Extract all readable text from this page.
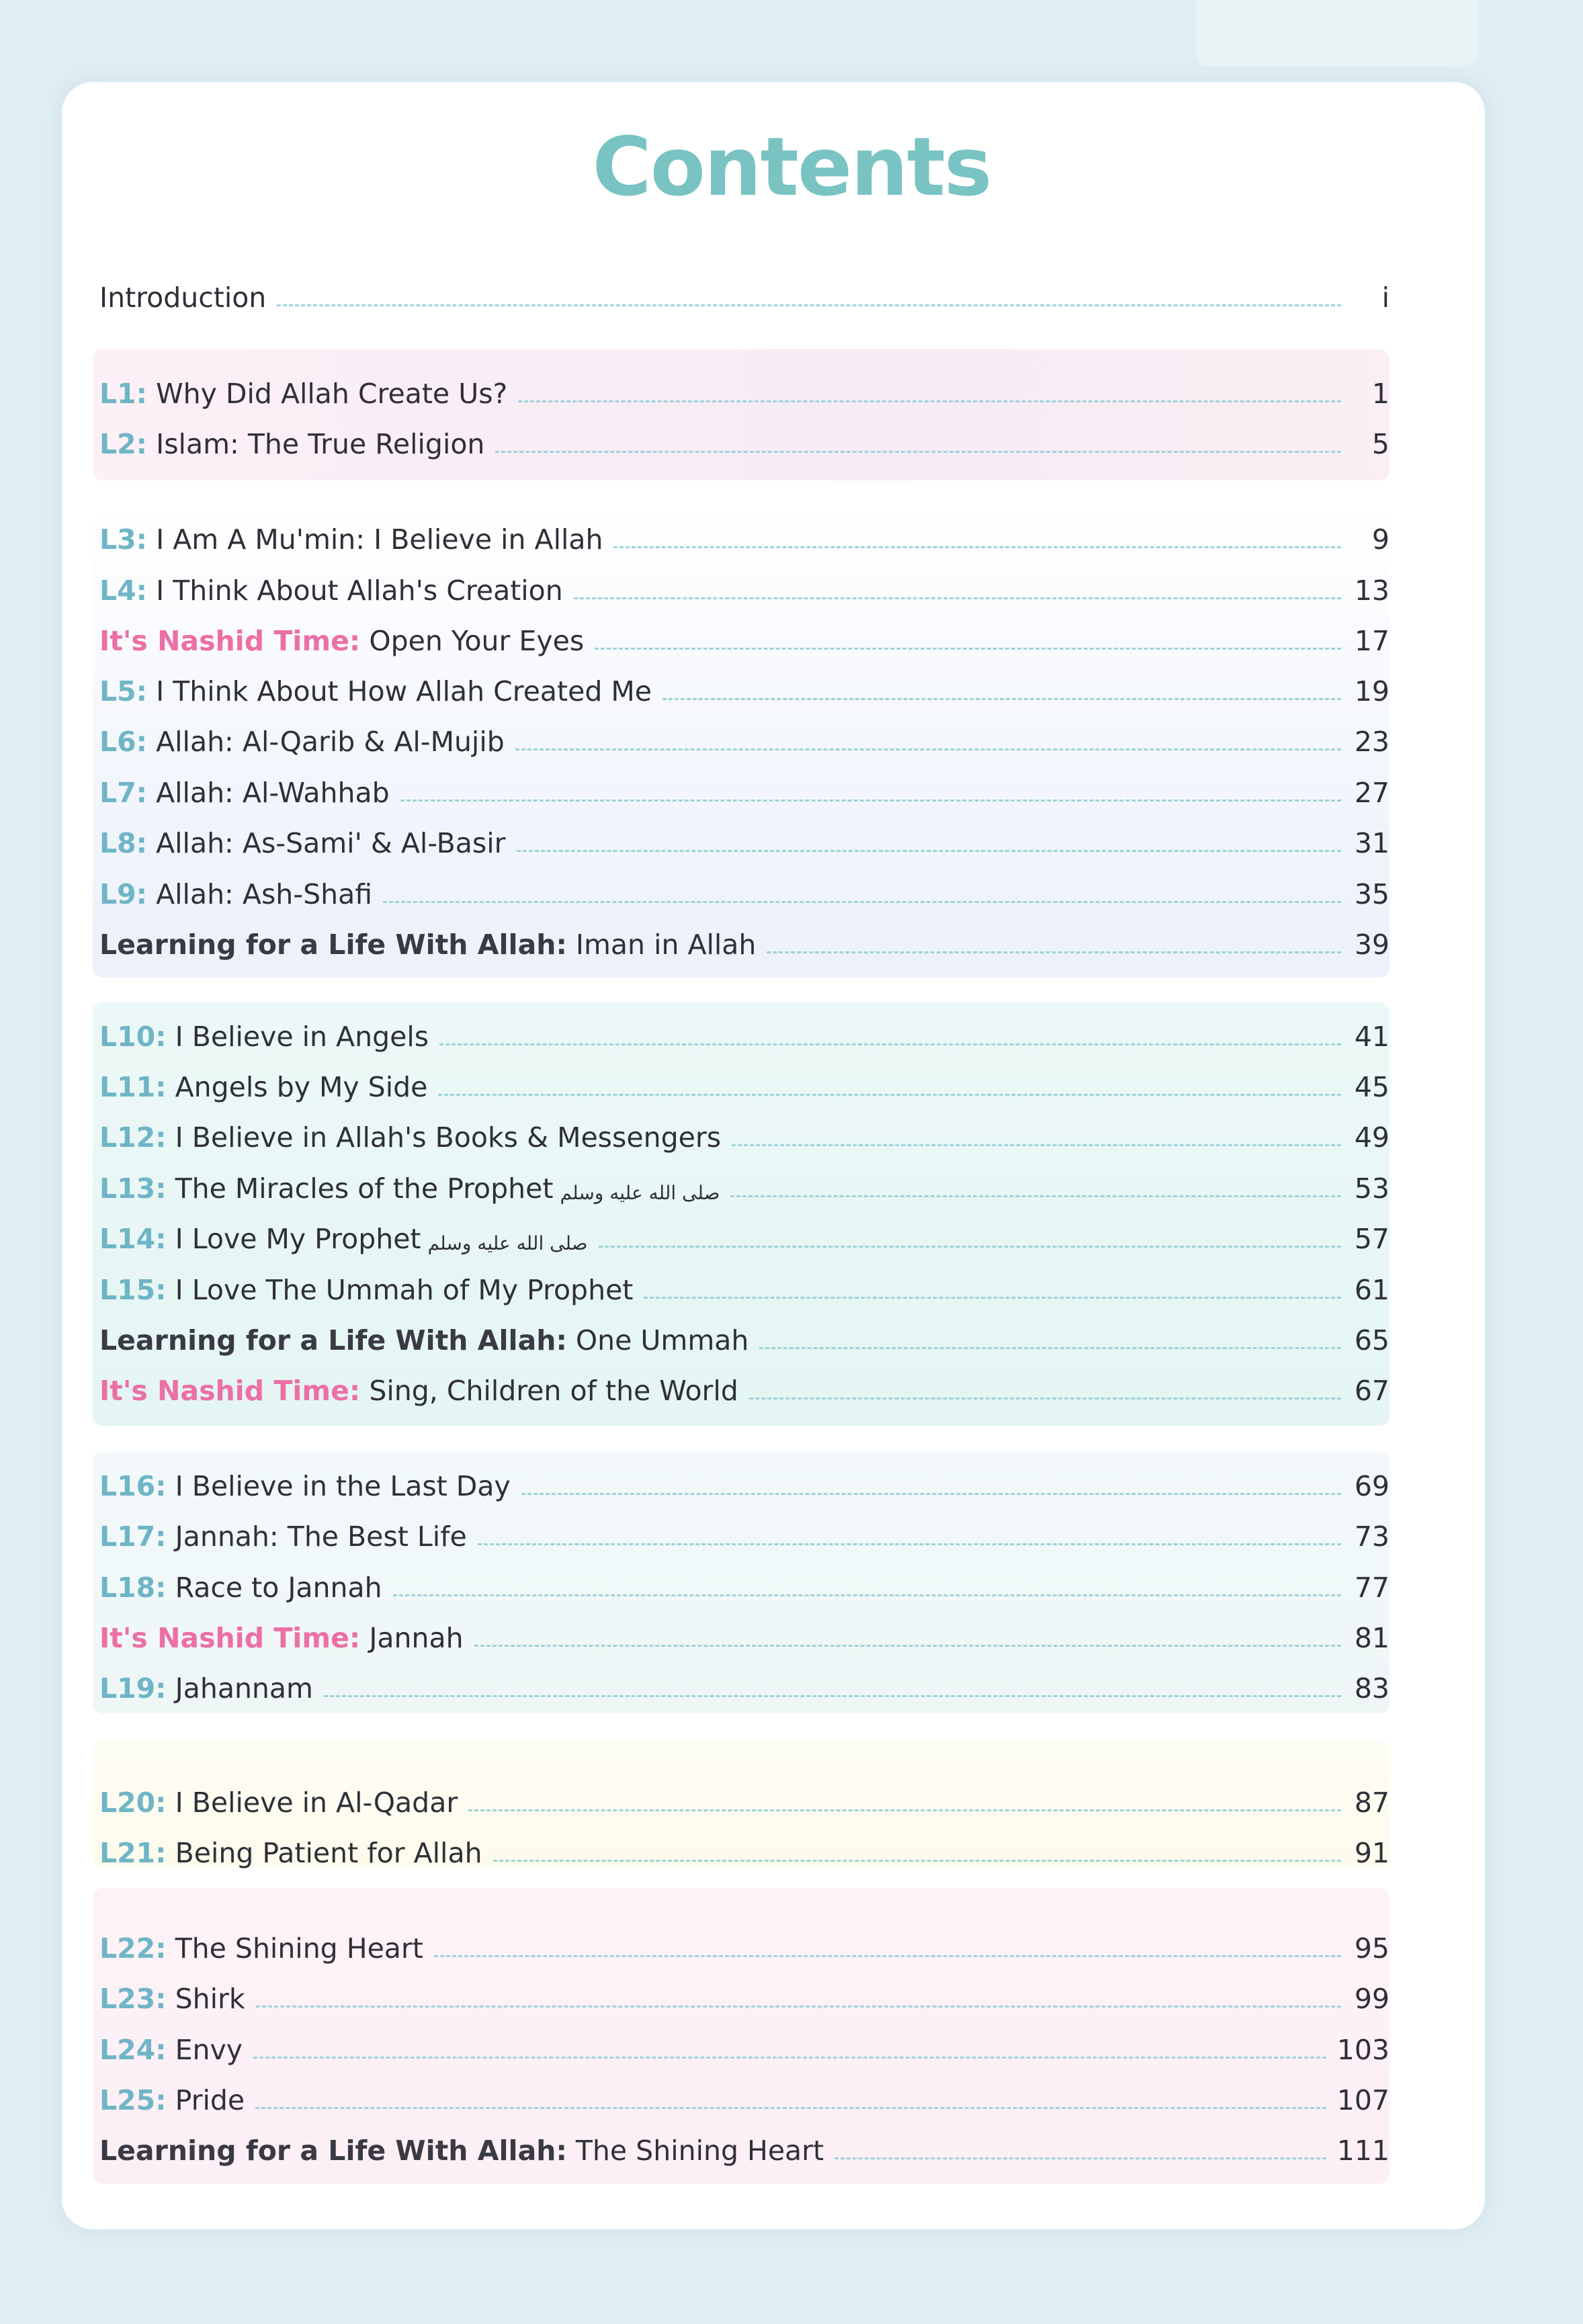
Contents
Introduction	i
L1:
Why Did Allah Create Us?	1
L2:
Islam: The True Religion	5
L3:
I Am A Mu'min: I Believe in Allah	9
L4:
I Think About Allah's Creation	13
It's Nashid Time:
Open Your Eyes	17
L5:
I Think About How Allah Created Me	19
L6:
Allah: Al-Qarib & Al-Mujib	23
L7:
Allah: Al-Wahhab	27
L8:
Allah: As-Sami' & Al-Basir	31
L9:
Allah: Ash-Shafi	35
Learning for a Life With Allah:
Iman in Allah	39
L10:
I Believe in Angels	41
L11:
Angels by My Side	45
L12:
I Believe in Allah's Books & Messengers	49
L13:
The Miracles of the Prophet صلى الله عليه وسلم	53
L14:
I Love My Prophet صلى الله عليه وسلم	57
L15:
I Love The Ummah of My Prophet	61
Learning for a Life With Allah:
One Ummah	65
It's Nashid Time:
Sing, Children of the World	67
L16:
I Believe in the Last Day	69
L17:
Jannah: The Best Life	73
L18:
Race to Jannah	77
It's Nashid Time:
Jannah	81
L19:
Jahannam	83
L20:
I Believe in Al-Qadar	87
L21:
Being Patient for Allah	91
L22:
The Shining Heart	95
L23:
Shirk	99
L24:
Envy	103
L25:
Pride	107
Learning for a Life With Allah:
The Shining Heart	111
